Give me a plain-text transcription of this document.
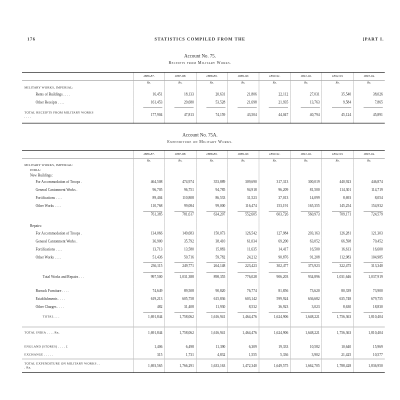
176	STATISTICS COMPILED FROM THE	[PART I.
Account No. 75.
Receipts from Military Works.
	1886-87.	1887-88.	1888-89.	1889-90.	1890-91.	1891-92.	1892-93.	1893-94.
	Rx.	Rx.	Rx.	Rx.	Rx.	Rx.	Rx.	Rx.
MILITARY WORKS, IMPERIAL:								
Rents of Buildings . . . .	16,451	18,133	20,631	21,806	22,112	27,031	35,540	38,026
Other Receipts . . . .	161,453	29,680	53,528	21,698	21,935	13,763	9,584	7,865

TOTAL RECEIPTS FROM MILITARY WORKS . . . .	177,904	47,813	74,159	43,504	44,047	40,794	45,124	45,891
Account No. 75A.
Expenditure on Military Works.
	1886-87.	1887-88.	1888-89.	1889-90.	1890-91.	1891-92.	1892-93.	1893-94.
	Rx.	Rx.	Rx.	Rx.	Rx.	Rx.	Rx.	Rx.
MILITARY WORKS, IMPERIAL:								
INDIA:								
New Buildings:								
For Accommodation of Troops .	464,508	474,974	353,889	309,690	317,313	300,019	440,923	446,874
General Cantonment Works .	96,705	96,751	94,785	94,918	96,209	81,500	114,301	114,719
Fortifications . . . .	89,404	110,808	86,533	31,523	37,013	14,099	8,693	8,054
Other Works . . . .	110,768	99,084	99,000	116,474	153,191	165,355	145,254	154,932
	761,385	781,617	634,207	552,605	603,726	560,973	709,171	724,579

Repairs:								
For Accommodation of Troops .	134,066	149,683	150,073	126,542	127,984	203,163	126,281	121,303
General Cantonment Works .	36,900	35,792	38,410	61,034	69,200	63,052	66,598	70,452
Fortifications . . . .	13,713	13,580	15,883	11,635	14,417	16,500	16,613	16,600
Other Works . . . .	51,436	50,716	59,782	24,212	90,876	91,208	112,983	104,985
	236,115	249,771	264,148	223,423	302,477	373,923	322,475	313,340
Total Works and Repairs . . .	997,500	1,031,388	898,355	776,028	906,203	934,896	1,031,646	1,037,919

Barrack Furniture . . . .	74,649	89,508	90,820	76,774	81,856	73,620	80,339	73,900
Establishments . . . .	619,213	605,758	615,836	603,142	599,924	636,682	635,748	679,755
Other Charges . . . .	482	31,408	11,930	8,532	36,923	3,023	8,630	18,830
TOTAL . . .	1,691,844	1,758,062	1,616,941	1,464,476	1,624,906	1,648,221	1,756,363	1,810,404

TOTAL INDIA . . . . Rx.	1,691,844	1,758,062	1,616,941	1,464,476	1,624,906	1,648,221	1,756,363	1,810,404

ENGLAND (STORES) . . . . £	1,406	6,498	11,390	6,309	19,333	10,582	10,640	15,969
EXCHANGE . . . . .	315	1,731	4,832	1,555	5,336	3,902	21,425	10,577

TOTAL EXPENDITURE ON MILITARY WORKS . . . Rx.	1,693,565	1,766,291	1,633,163	1,472,340	1,649,575	1,662,705	1,788,428	1,836,950
